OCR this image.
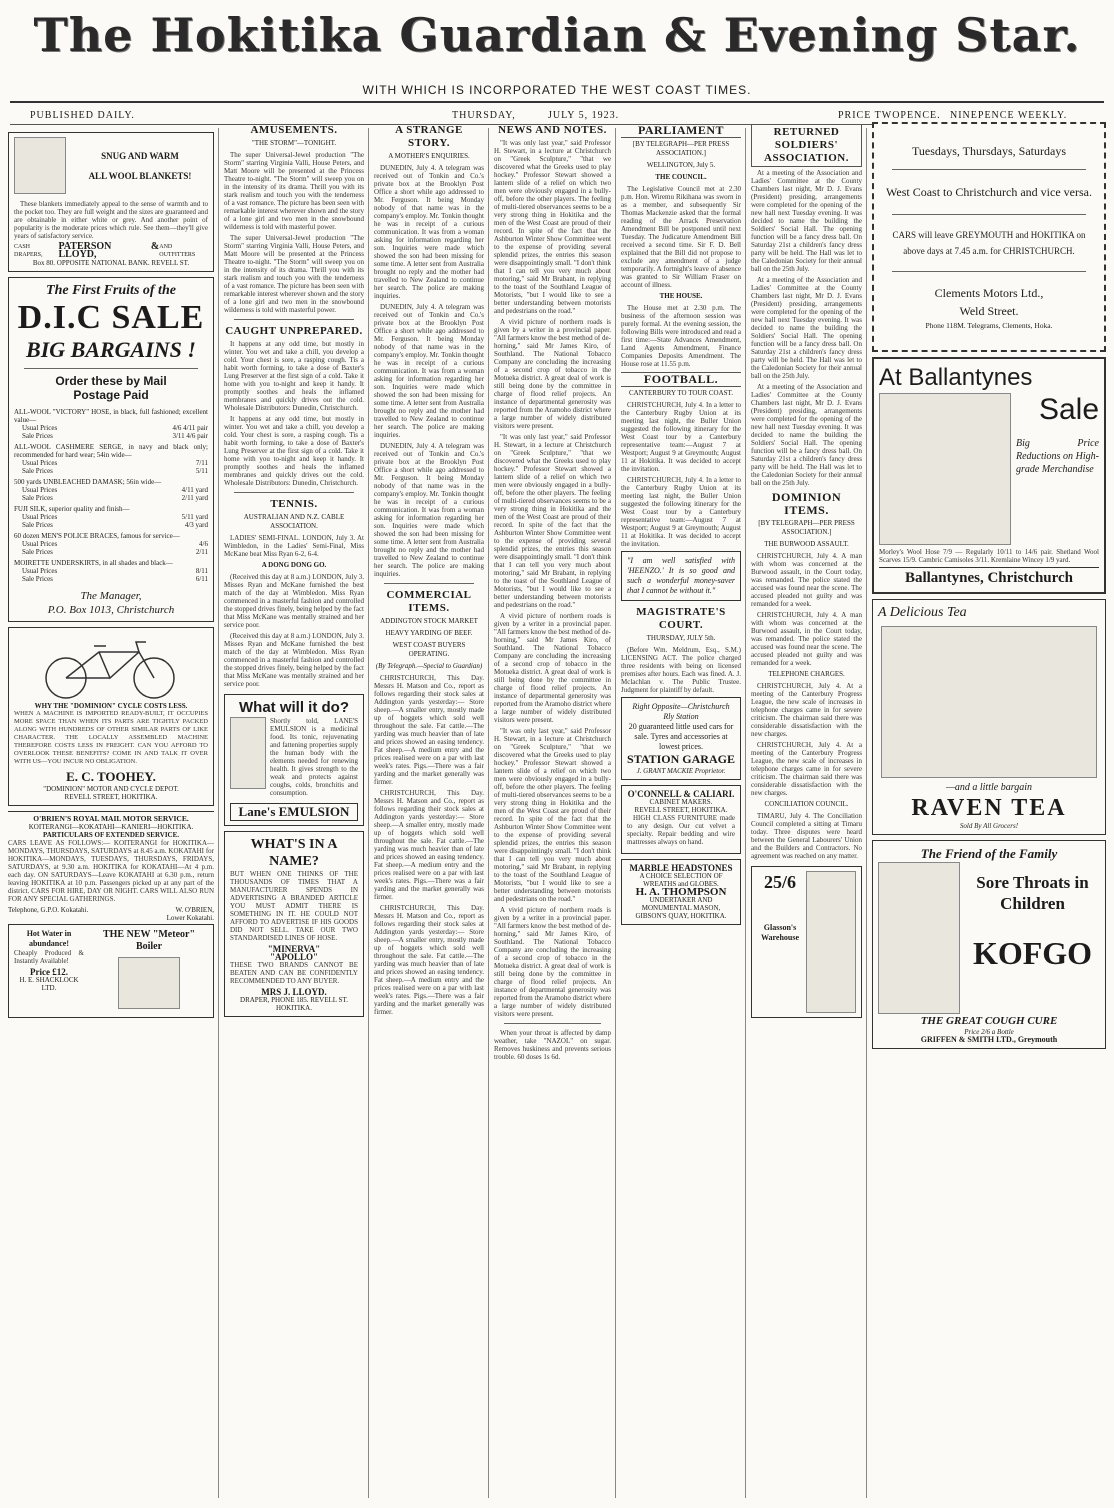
The Hokitika Guardian & Evening Star.
WITH WHICH IS INCORPORATED THE WEST COAST TIMES.
PUBLISHED DAILY.	THURSDAY,	JULY 5, 1923.	PRICE TWOPENCE. NINEPENCE WEEKLY.
SNUG AND WARM
ALL WOOL BLANKETS!
These blankets immediately appeal to the sense of warmth and to the pocket too. They are full weight and the sizes are guaranteed and are obtainable in either white or grey. And another point of popularity is the moderate prices which rule. See them—they'll give years of satisfactory service.
CASH DRAPERS,
PATERSON & LLOYD,
AND OUTFITTERS
Box 80. OPPOSITE NATIONAL BANK. REVELL ST.
The First Fruits of the
D.I.C SALE
BIG BARGAINS !
Order these by Mail
Postage Paid
ALL-WOOL "VICTORY" HOSE, in black, full fashioned; excellent value—
Usual Prices	4/6 4/11 pair
Sale Prices	3/11 4/6 pair
ALL-WOOL CASHMERE SERGE, in navy and black only; recommended for hard wear; 54in wide—
Usual Prices	7/11
Sale Prices	5/11
500 yards UNBLEACHED DAMASK; 56in wide—
Usual Prices	4/11 yard
Sale Prices	2/11 yard
FUJI SILK, superior quality and finish—
Usual Prices	5/11 yard
Sale Prices	4/3 yard
60 dozen MEN'S POLICE BRACES, famous for service—
Usual Prices	4/6
Sale Prices	2/11
MOIRETTE UNDERSKIRTS, in all shades and black—
Usual Prices	8/11
Sale Prices	6/11
The Manager,
P.O. Box 1013, Christchurch
WHY THE "DOMINION" CYCLE COSTS LESS.
WHEN A MACHINE IS IMPORTED READY-BUILT, IT OCCUPIES MORE SPACE THAN WHEN ITS PARTS ARE TIGHTLY PACKED ALONG WITH HUNDREDS OF OTHER SIMILAR PARTS OF LIKE CHARACTER. THE LOCALLY ASSEMBLED MACHINE THEREFORE COSTS LESS IN FREIGHT. CAN YOU AFFORD TO OVERLOOK THESE BENEFITS? COME IN AND TALK IT OVER WITH US—YOU INCUR NO OBLIGATION.
E. C. TOOHEY.
"DOMINION" MOTOR AND CYCLE DEPOT.
REVELL STREET, HOKITIKA.
O'BRIEN'S ROYAL MAIL MOTOR SERVICE.
KOITERANGI—KOKATAHI—KANIERI—HOKITIKA.
PARTICULARS OF EXTENDED SERVICE.
CARS LEAVE AS FOLLOWS:— KOITERANGI for HOKITIKA—MONDAYS, THURSDAYS, SATURDAYS at 8.45 a.m. KOKATAHI for HOKITIKA—MONDAYS, TUESDAYS, THURSDAYS, FRIDAYS, SATURDAYS, at 9.30 a.m. HOKITIKA for KOKATAHI—At 4 p.m. each day. ON SATURDAYS—Leave KOKATAHI at 6.30 p.m., return leaving HOKITIKA at 10 p.m. Passengers picked up at any part of the district. CARS FOR HIRE, DAY OR NIGHT. CARS WILL ALSO RUN FOR ANY SPECIAL GATHERINGS.
Telephone, G.P.O. Kokatahi.	W. O'BRIEN,
Lower Kokatahi.
Hot Water in abundance!
Cheaply Produced & Instantly Available!
Price £12.
H. E. SHACKLOCK LTD.
THE NEW "Meteor" Boiler
AMUSEMENTS.
"THE STORM"—TONIGHT.
The super Universal-Jewel production "The Storm" starring Virginia Valli, House Peters, and Matt Moore will be presented at the Princess Theatre to-night. "The Storm" will sweep you on in the intensity of its drama. Thrill you with its stark realism and touch you with the tenderness of a vast romance. The picture has been seen with remarkable interest wherever shown and the story of a lone girl and two men in the snowbound wilderness is told with masterful power.
The super Universal-Jewel production "The Storm" starring Virginia Valli, House Peters, and Matt Moore will be presented at the Princess Theatre to-night. "The Storm" will sweep you on in the intensity of its drama. Thrill you with its stark realism and touch you with the tenderness of a vast romance. The picture has been seen with remarkable interest wherever shown and the story of a lone girl and two men in the snowbound wilderness is told with masterful power.
CAUGHT UNPREPARED.
It happens at any odd time, but mostly in winter. You wet and take a chill, you develop a cold. Your chest is sore, a rasping cough. Tis a habit worth forming, to take a dose of Baxter's Lung Preserver at the first sign of a cold. Take it home with you to-night and keep it handy. It promptly soothes and heals the inflamed membranes and quickly drives out the cold. Wholesale Distributors: Dunedin, Christchurch.
It happens at any odd time, but mostly in winter. You wet and take a chill, you develop a cold. Your chest is sore, a rasping cough. Tis a habit worth forming, to take a dose of Baxter's Lung Preserver at the first sign of a cold. Take it home with you to-night and keep it handy. It promptly soothes and heals the inflamed membranes and quickly drives out the cold. Wholesale Distributors: Dunedin, Christchurch.
TENNIS.
AUSTRALIAN AND N.Z. CABLE ASSOCIATION.
LADIES' SEMI-FINAL. LONDON, July 3. At Wimbledon, in the Ladies' Semi-Final, Miss McKane beat Miss Ryan 6-2, 6-4.
A DONG DONG GO.
(Received this day at 8 a.m.) LONDON, July 3. Misses Ryan and McKane furnished the best match of the day at Wimbledon. Miss Ryan commenced in a masterful fashion and controlled the stopped drives finely, being helped by the fact that Miss McKane was mentally strained and her service poor.
(Received this day at 8 a.m.) LONDON, July 3. Misses Ryan and McKane furnished the best match of the day at Wimbledon. Miss Ryan commenced in a masterful fashion and controlled the stopped drives finely, being helped by the fact that Miss McKane was mentally strained and her service poor.
What will it do?
Shortly told, LANE'S EMULSION is a medicinal food. Its tonic, rejuvenating and fattening properties supply the human body with the elements needed for renewing health. It gives strength to the weak and protects against coughs, colds, bronchitis and consumption.
Lane's EMULSION
WHAT'S IN A NAME?
BUT WHEN ONE THINKS OF THE THOUSANDS OF TIMES THAT A MANUFACTURER SPENDS IN ADVERTISING A BRANDED ARTICLE YOU MUST ADMIT THERE IS SOMETHING IN IT. HE COULD NOT AFFORD TO ADVERTISE IF HIS GOODS DID NOT SELL. TAKE OUR TWO STANDARDISED LINES OF HOSE.
"MINERVA"
"APOLLO"
THESE TWO BRANDS CANNOT BE BEATEN AND CAN BE CONFIDENTLY RECOMMENDED TO ANY BUYER.
MRS J. LLOYD.
DRAPER, PHONE 185. REVELL ST. HOKITIKA.
A STRANGE STORY.
A MOTHER'S ENQUIRIES.
DUNEDIN, July 4. A telegram was received out of Tonkin and Co.'s private box at the Brooklyn Post Office a short while ago addressed to Mr. Ferguson. It being Monday nobody of that name was in the company's employ. Mr. Tonkin thought he was in receipt of a curious communication. It was from a woman asking for information regarding her son. Inquiries were made which showed the son had been missing for some time. A letter sent from Australia brought no reply and the mother had travelled to New Zealand to continue her search. The police are making inquiries.
DUNEDIN, July 4. A telegram was received out of Tonkin and Co.'s private box at the Brooklyn Post Office a short while ago addressed to Mr. Ferguson. It being Monday nobody of that name was in the company's employ. Mr. Tonkin thought he was in receipt of a curious communication. It was from a woman asking for information regarding her son. Inquiries were made which showed the son had been missing for some time. A letter sent from Australia brought no reply and the mother had travelled to New Zealand to continue her search. The police are making inquiries.
DUNEDIN, July 4. A telegram was received out of Tonkin and Co.'s private box at the Brooklyn Post Office a short while ago addressed to Mr. Ferguson. It being Monday nobody of that name was in the company's employ. Mr. Tonkin thought he was in receipt of a curious communication. It was from a woman asking for information regarding her son. Inquiries were made which showed the son had been missing for some time. A letter sent from Australia brought no reply and the mother had travelled to New Zealand to continue her search. The police are making inquiries.
COMMERCIAL ITEMS.
ADDINGTON STOCK MARKET
HEAVY YARDING OF BEEF.
WEST COAST BUYERS OPERATING.
(By Telegraph.—Special to Guardian)
CHRISTCHURCH, This Day. Messrs H. Matson and Co., report as follows regarding their stock sales at Addington yards yesterday:— Store sheep.—A smaller entry, mostly made up of hoggets which sold well throughout the sale. Fat cattle.—The yarding was much heavier than of late and prices showed an easing tendency. Fat sheep.—A medium entry and the prices realised were on a par with last week's rates. Pigs.—There was a fair yarding and the market generally was firmer.
CHRISTCHURCH, This Day. Messrs H. Matson and Co., report as follows regarding their stock sales at Addington yards yesterday:— Store sheep.—A smaller entry, mostly made up of hoggets which sold well throughout the sale. Fat cattle.—The yarding was much heavier than of late and prices showed an easing tendency. Fat sheep.—A medium entry and the prices realised were on a par with last week's rates. Pigs.—There was a fair yarding and the market generally was firmer.
CHRISTCHURCH, This Day. Messrs H. Matson and Co., report as follows regarding their stock sales at Addington yards yesterday:— Store sheep.—A smaller entry, mostly made up of hoggets which sold well throughout the sale. Fat cattle.—The yarding was much heavier than of late and prices showed an easing tendency. Fat sheep.—A medium entry and the prices realised were on a par with last week's rates. Pigs.—There was a fair yarding and the market generally was firmer.
NEWS AND NOTES.
"It was only last year," said Professor H. Stewart, in a lecture at Christchurch on "Greek Sculpture," "that we discovered what the Greeks used to play hockey." Professor Stewart showed a lantern slide of a relief on which two men were obviously engaged in a bully-off, before the other players. The feeling of multi-tiered observances seems to be a very strong thing in Hokitika and the men of the West Coast are proud of their record. In spite of the fact that the Ashburton Winter Show Committee went to the expense of providing several splendid prizes, the entries this season were disappointingly small. "I don't think that I can tell you very much about motoring," said Mr Brabant, in replying to the toast of the Southland League of Motorists, "but I would like to see a better understanding between motorists and pedestrians on the road."
A vivid picture of northern roads is given by a writer in a provincial paper. "All farmers know the best method of de-horning," said Mr James Kiro, of Southland. The National Tobacco Company are concluding the increasing of a second crop of tobacco in the Motueka district. A great deal of work is still being done by the committee in charge of flood relief projects. An instance of departmental generosity was reported from the Aramoho district where a large number of widely distributed visitors were present.
"It was only last year," said Professor H. Stewart, in a lecture at Christchurch on "Greek Sculpture," "that we discovered what the Greeks used to play hockey." Professor Stewart showed a lantern slide of a relief on which two men were obviously engaged in a bully-off, before the other players. The feeling of multi-tiered observances seems to be a very strong thing in Hokitika and the men of the West Coast are proud of their record. In spite of the fact that the Ashburton Winter Show Committee went to the expense of providing several splendid prizes, the entries this season were disappointingly small. "I don't think that I can tell you very much about motoring," said Mr Brabant, in replying to the toast of the Southland League of Motorists, "but I would like to see a better understanding between motorists and pedestrians on the road."
A vivid picture of northern roads is given by a writer in a provincial paper. "All farmers know the best method of de-horning," said Mr James Kiro, of Southland. The National Tobacco Company are concluding the increasing of a second crop of tobacco in the Motueka district. A great deal of work is still being done by the committee in charge of flood relief projects. An instance of departmental generosity was reported from the Aramoho district where a large number of widely distributed visitors were present.
"It was only last year," said Professor H. Stewart, in a lecture at Christchurch on "Greek Sculpture," "that we discovered what the Greeks used to play hockey." Professor Stewart showed a lantern slide of a relief on which two men were obviously engaged in a bully-off, before the other players. The feeling of multi-tiered observances seems to be a very strong thing in Hokitika and the men of the West Coast are proud of their record. In spite of the fact that the Ashburton Winter Show Committee went to the expense of providing several splendid prizes, the entries this season were disappointingly small. "I don't think that I can tell you very much about motoring," said Mr Brabant, in replying to the toast of the Southland League of Motorists, "but I would like to see a better understanding between motorists and pedestrians on the road."
A vivid picture of northern roads is given by a writer in a provincial paper. "All farmers know the best method of de-horning," said Mr James Kiro, of Southland. The National Tobacco Company are concluding the increasing of a second crop of tobacco in the Motueka district. A great deal of work is still being done by the committee in charge of flood relief projects. An instance of departmental generosity was reported from the Aramoho district where a large number of widely distributed visitors were present.
When your throat is affected by damp weather, take "NAZOL" on sugar. Removes huskiness and prevents serious trouble. 60 doses 1s 6d.
PARLIAMENT
[BY TELEGRAPH—PER PRESS ASSOCIATION.]
WELLINGTON, July 5.
THE COUNCIL.
The Legislative Council met at 2.30 p.m. Hon. Wiremu Rikihana was sworn in as a member, and subsequently Sir Thomas Mackenzie asked that the formal reading of the Arrack Preservation Amendment Bill be postponed until next Tuesday. The Judicature Amendment Bill received a second time. Sir F. D. Bell explained that the Bill did not propose to exclude any amendment of a judge temporarily. A fortnight's leave of absence was granted to Sir William Fraser on account of illness.
THE HOUSE.
The House met at 2.30 p.m. The business of the afternoon session was purely formal. At the evening session, the following Bills were introduced and read a first time:—State Advances Amendment, Land Agents Amendment, Finance Companies Deposits Amendment. The House rose at 11.55 p.m.
FOOTBALL.
CANTERBURY TO TOUR COAST.
CHRISTCHURCH, July 4. In a letter to the Canterbury Rugby Union at its meeting last night, the Buller Union suggested the following itinerary for the West Coast tour by a Canterbury representative team:—August 7 at Westport; August 9 at Greymouth; August 11 at Hokitika. It was decided to accept the invitation.
CHRISTCHURCH, July 4. In a letter to the Canterbury Rugby Union at its meeting last night, the Buller Union suggested the following itinerary for the West Coast tour by a Canterbury representative team:—August 7 at Westport; August 9 at Greymouth; August 11 at Hokitika. It was decided to accept the invitation.
"I am well satisfied with 'HEENZO.' It is so good and such a wonderful money-saver that I cannot be without it."
MAGISTRATE'S COURT.
THURSDAY, JULY 5th.
(Before Wm. Meldrum, Esq., S.M.) LICENSING ACT. The police charged three residents with being on licensed premises after hours. Each was fined. A. J. Mclachlan v. The Public Trustee. Judgment for plaintiff by default.
Right Opposite—Christchurch Rly Station
20 guaranteed little used cars for sale. Tyres and accessories at lowest prices.
STATION GARAGE
J. GRANT MACKIE Proprietor.
O'CONNELL & CALIARI.
CABINET MAKERS.
REVELL STREET, HOKITIKA.
HIGH CLASS FURNITURE made to any design. Our cut velvet a specialty. Repair bedding and wire mattresses always on hand.
MARBLE HEADSTONES
A CHOICE SELECTION OF WREATHS and GLOBES.
H. A. THOMPSON
UNDERTAKER AND MONUMENTAL MASON,
GIBSON'S QUAY, HOKITIKA.
RETURNED SOLDIERS' ASSOCIATION.
At a meeting of the Association and Ladies' Committee at the County Chambers last night, Mr D. J. Evans (President) presiding, arrangements were completed for the opening of the new hall next Tuesday evening. It was decided to name the building the Soldiers' Social Hall. The opening function will be a fancy dress ball. On Saturday 21st a children's fancy dress party will be held. The Hall was let to the Caledonian Society for their annual ball on the 25th July.
At a meeting of the Association and Ladies' Committee at the County Chambers last night, Mr D. J. Evans (President) presiding, arrangements were completed for the opening of the new hall next Tuesday evening. It was decided to name the building the Soldiers' Social Hall. The opening function will be a fancy dress ball. On Saturday 21st a children's fancy dress party will be held. The Hall was let to the Caledonian Society for their annual ball on the 25th July.
At a meeting of the Association and Ladies' Committee at the County Chambers last night, Mr D. J. Evans (President) presiding, arrangements were completed for the opening of the new hall next Tuesday evening. It was decided to name the building the Soldiers' Social Hall. The opening function will be a fancy dress ball. On Saturday 21st a children's fancy dress party will be held. The Hall was let to the Caledonian Society for their annual ball on the 25th July.
DOMINION ITEMS.
[BY TELEGRAPH—PER PRESS ASSOCIATION.]
THE BURWOOD ASSAULT.
CHRISTCHURCH, July 4. A man with whom was concerned at the Burwood assault, in the Court today, was remanded. The police stated the accused was found near the scene. The accused pleaded not guilty and was remanded for a week.
CHRISTCHURCH, July 4. A man with whom was concerned at the Burwood assault, in the Court today, was remanded. The police stated the accused was found near the scene. The accused pleaded not guilty and was remanded for a week.
TELEPHONE CHARGES.
CHRISTCHURCH, July 4. At a meeting of the Canterbury Progress League, the new scale of increases in telephone charges came in for severe criticism. The chairman said there was considerable dissatisfaction with the new charges.
CHRISTCHURCH, July 4. At a meeting of the Canterbury Progress League, the new scale of increases in telephone charges came in for severe criticism. The chairman said there was considerable dissatisfaction with the new charges.
CONCILIATION COUNCIL.
TIMARU, July 4. The Conciliation Council completed a sitting at Timaru today. Three disputes were heard between the General Labourers' Union and the Builders and Contractors. No agreement was reached on any matter.
25/6
Glasson's Warehouse
Tuesdays, Thursdays, Saturdays
West Coast to Christchurch and vice versa.
CARS will leave GREYMOUTH and HOKITIKA on above days at 7.45 a.m. for CHRISTCHURCH.
Clements Motors Ltd.,
Weld Street.
Phone 118M. Telegrams, Clements, Hoka.
At Ballantynes
Sale
Big Price Reductions on High-grade Merchandise
Morley's Wool Hose 7/9 — Regularly 10/11 to 14/6 pair. Shetland Wool Scarves 15/9. Cambric Camisoles 3/11. Kremlaine Wincey 1/9 yard.
Ballantynes, Christchurch
A Delicious Tea
—and a little bargain
RAVEN TEA
Sold By All Grocers!
The Friend of the Family
Sore Throats in Children
KOFGO
THE GREAT COUGH CURE
Price 2/6 a Bottle
GRIFFEN & SMITH LTD., Greymouth
